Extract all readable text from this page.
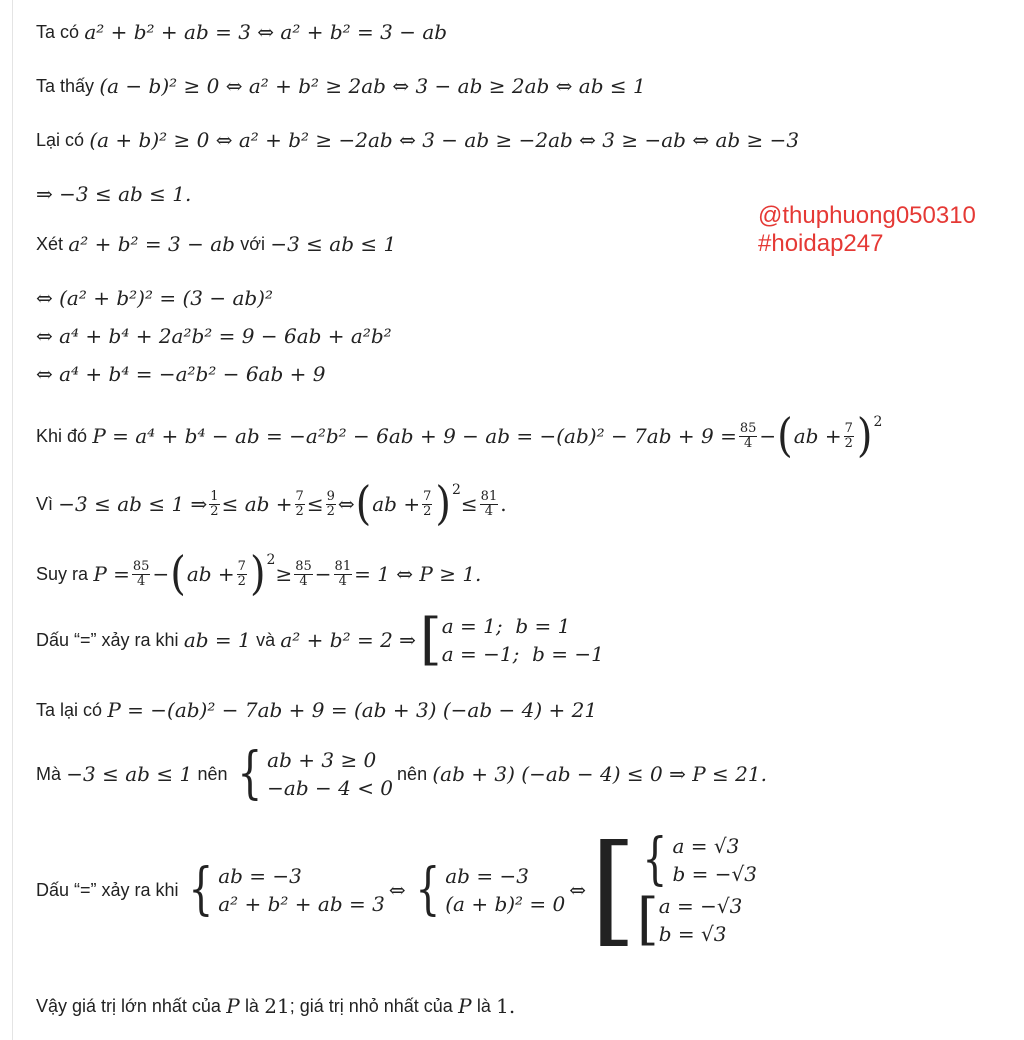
Ta có
a² + b² + ab = 3 ⇔ a² + b² = 3 − ab
Ta thấy
(a − b)² ≥ 0 ⇔ a² + b² ≥ 2ab ⇔ 3 − ab ≥ 2ab ⇔ ab ≤ 1
Lại có
(a + b)² ≥ 0 ⇔ a² + b² ≥ −2ab ⇔ 3 − ab ≥ −2ab ⇔ 3 ≥ −ab ⇔ ab ≥ −3
⇒ −3 ≤ ab ≤ 1.
Xét
a² + b² = 3 − ab
với
−3 ≤ ab ≤ 1
@thuphuong050310
#hoidap247
⇔ (a² + b²)² = (3 − ab)²
⇔ a⁴ + b⁴ + 2a²b² = 9 − 6ab + a²b²
⇔ a⁴ + b⁴ = −a²b² − 6ab + 9
Khi đó
P = a⁴ + b⁴ − ab = −a²b² − 6ab + 9 − ab = $-(ab)^2 - 7ab + 9 = \frac{85}{4}$ − ( ab + $\frac{7}{2}$ ) 2
Vì
−3 ≤ ab ≤ 1 ⇒ $\frac{1}{2}$ ≤ ab + $\frac{7}{2} \le \frac{9}{2}$ ⇔ ( ab + $\frac{7}{2}$ ) 2
≤ $\frac{81}{4}$ .
Suy ra
$P = \frac{85}{4}$ − ( ab + $\frac{7}{2}$ ) 2
≥ $\frac{85}{4} - \frac{81}{4} = 1$ ⇔ P ≥ 1.
Dấu “=” xảy ra khi
ab = 1
và
a² + b² = 2 ⇒ [ a = 1;  b = 1
a = −1;  b = −1
Ta lại có
P = −(ab)² − 7ab + 9 = (ab + 3) (−ab − 4) + 21
Mà
−3 ≤ ab ≤ 1
nên { ab + 3 ≥ 0
−ab − 4 < 0
nên
(ab + 3) (−ab − 4) ≤ 0 ⇒ P ≤ 21.
Dấu “=” xảy ra khi { ab = −3
a² + b² + ab = 3
⇔ { ab = −3
(a + b)² = 0
⇔ [ { a = √3
b = −√3
[ a = −√3
b = √3
Vậy giá trị lớn nhất của
P
là
21 ; giá trị nhỏ nhất của
P
là
1.
